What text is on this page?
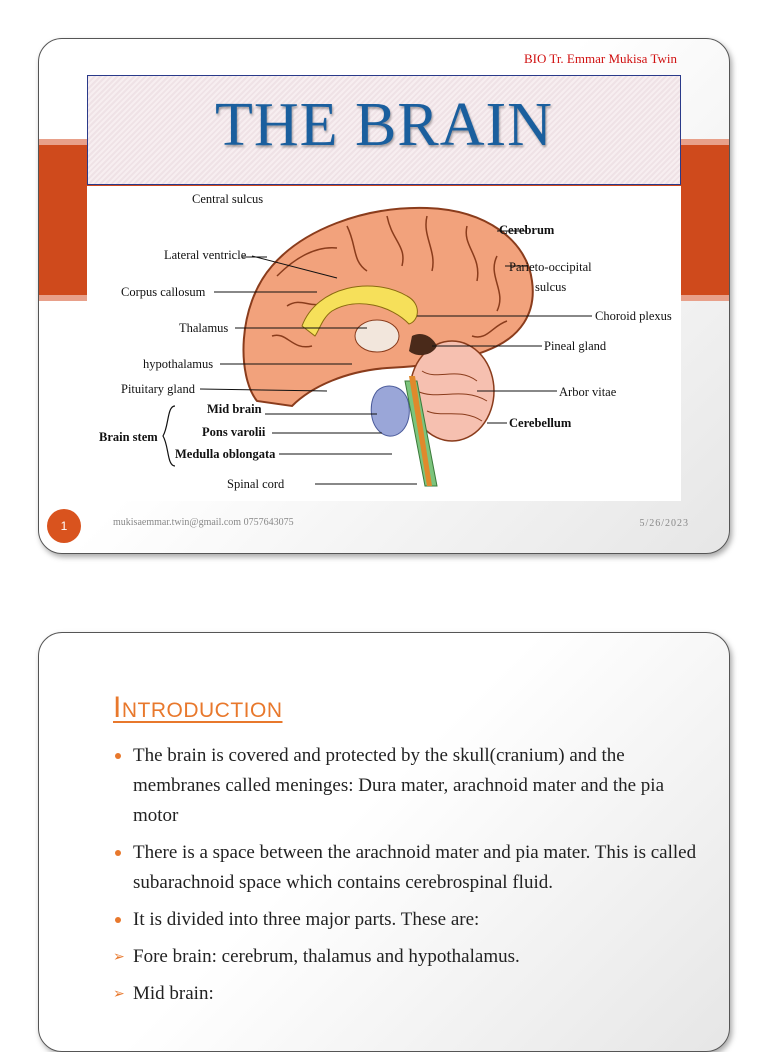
BIO Tr. Emmar Mukisa Twin
THE BRAIN
Central sulcus
Cerebrum
Lateral ventricle
Parieto-occipital
sulcus
Corpus callosum
Choroid plexus
Thalamus
Pineal gland
hypothalamus
Pituitary gland	Arbor vitae
Mid brain
Cerebellum
Brain stem	Pons varolii
Medulla oblongata
Spinal cord
1	mukisaemmar.twin@gmail.com 0757643075	5/26/2023
Introduction
The brain is covered and protected by the skull(cranium) and the membranes called meninges: Dura mater, arachnoid mater and the pia motor
There is a space between the arachnoid mater and pia mater. This is called subarachnoid space which contains cerebrospinal fluid.
It is divided into three major parts. These are:
➢ Fore brain: cerebrum, thalamus and hypothalamus.
➢ Mid brain:
